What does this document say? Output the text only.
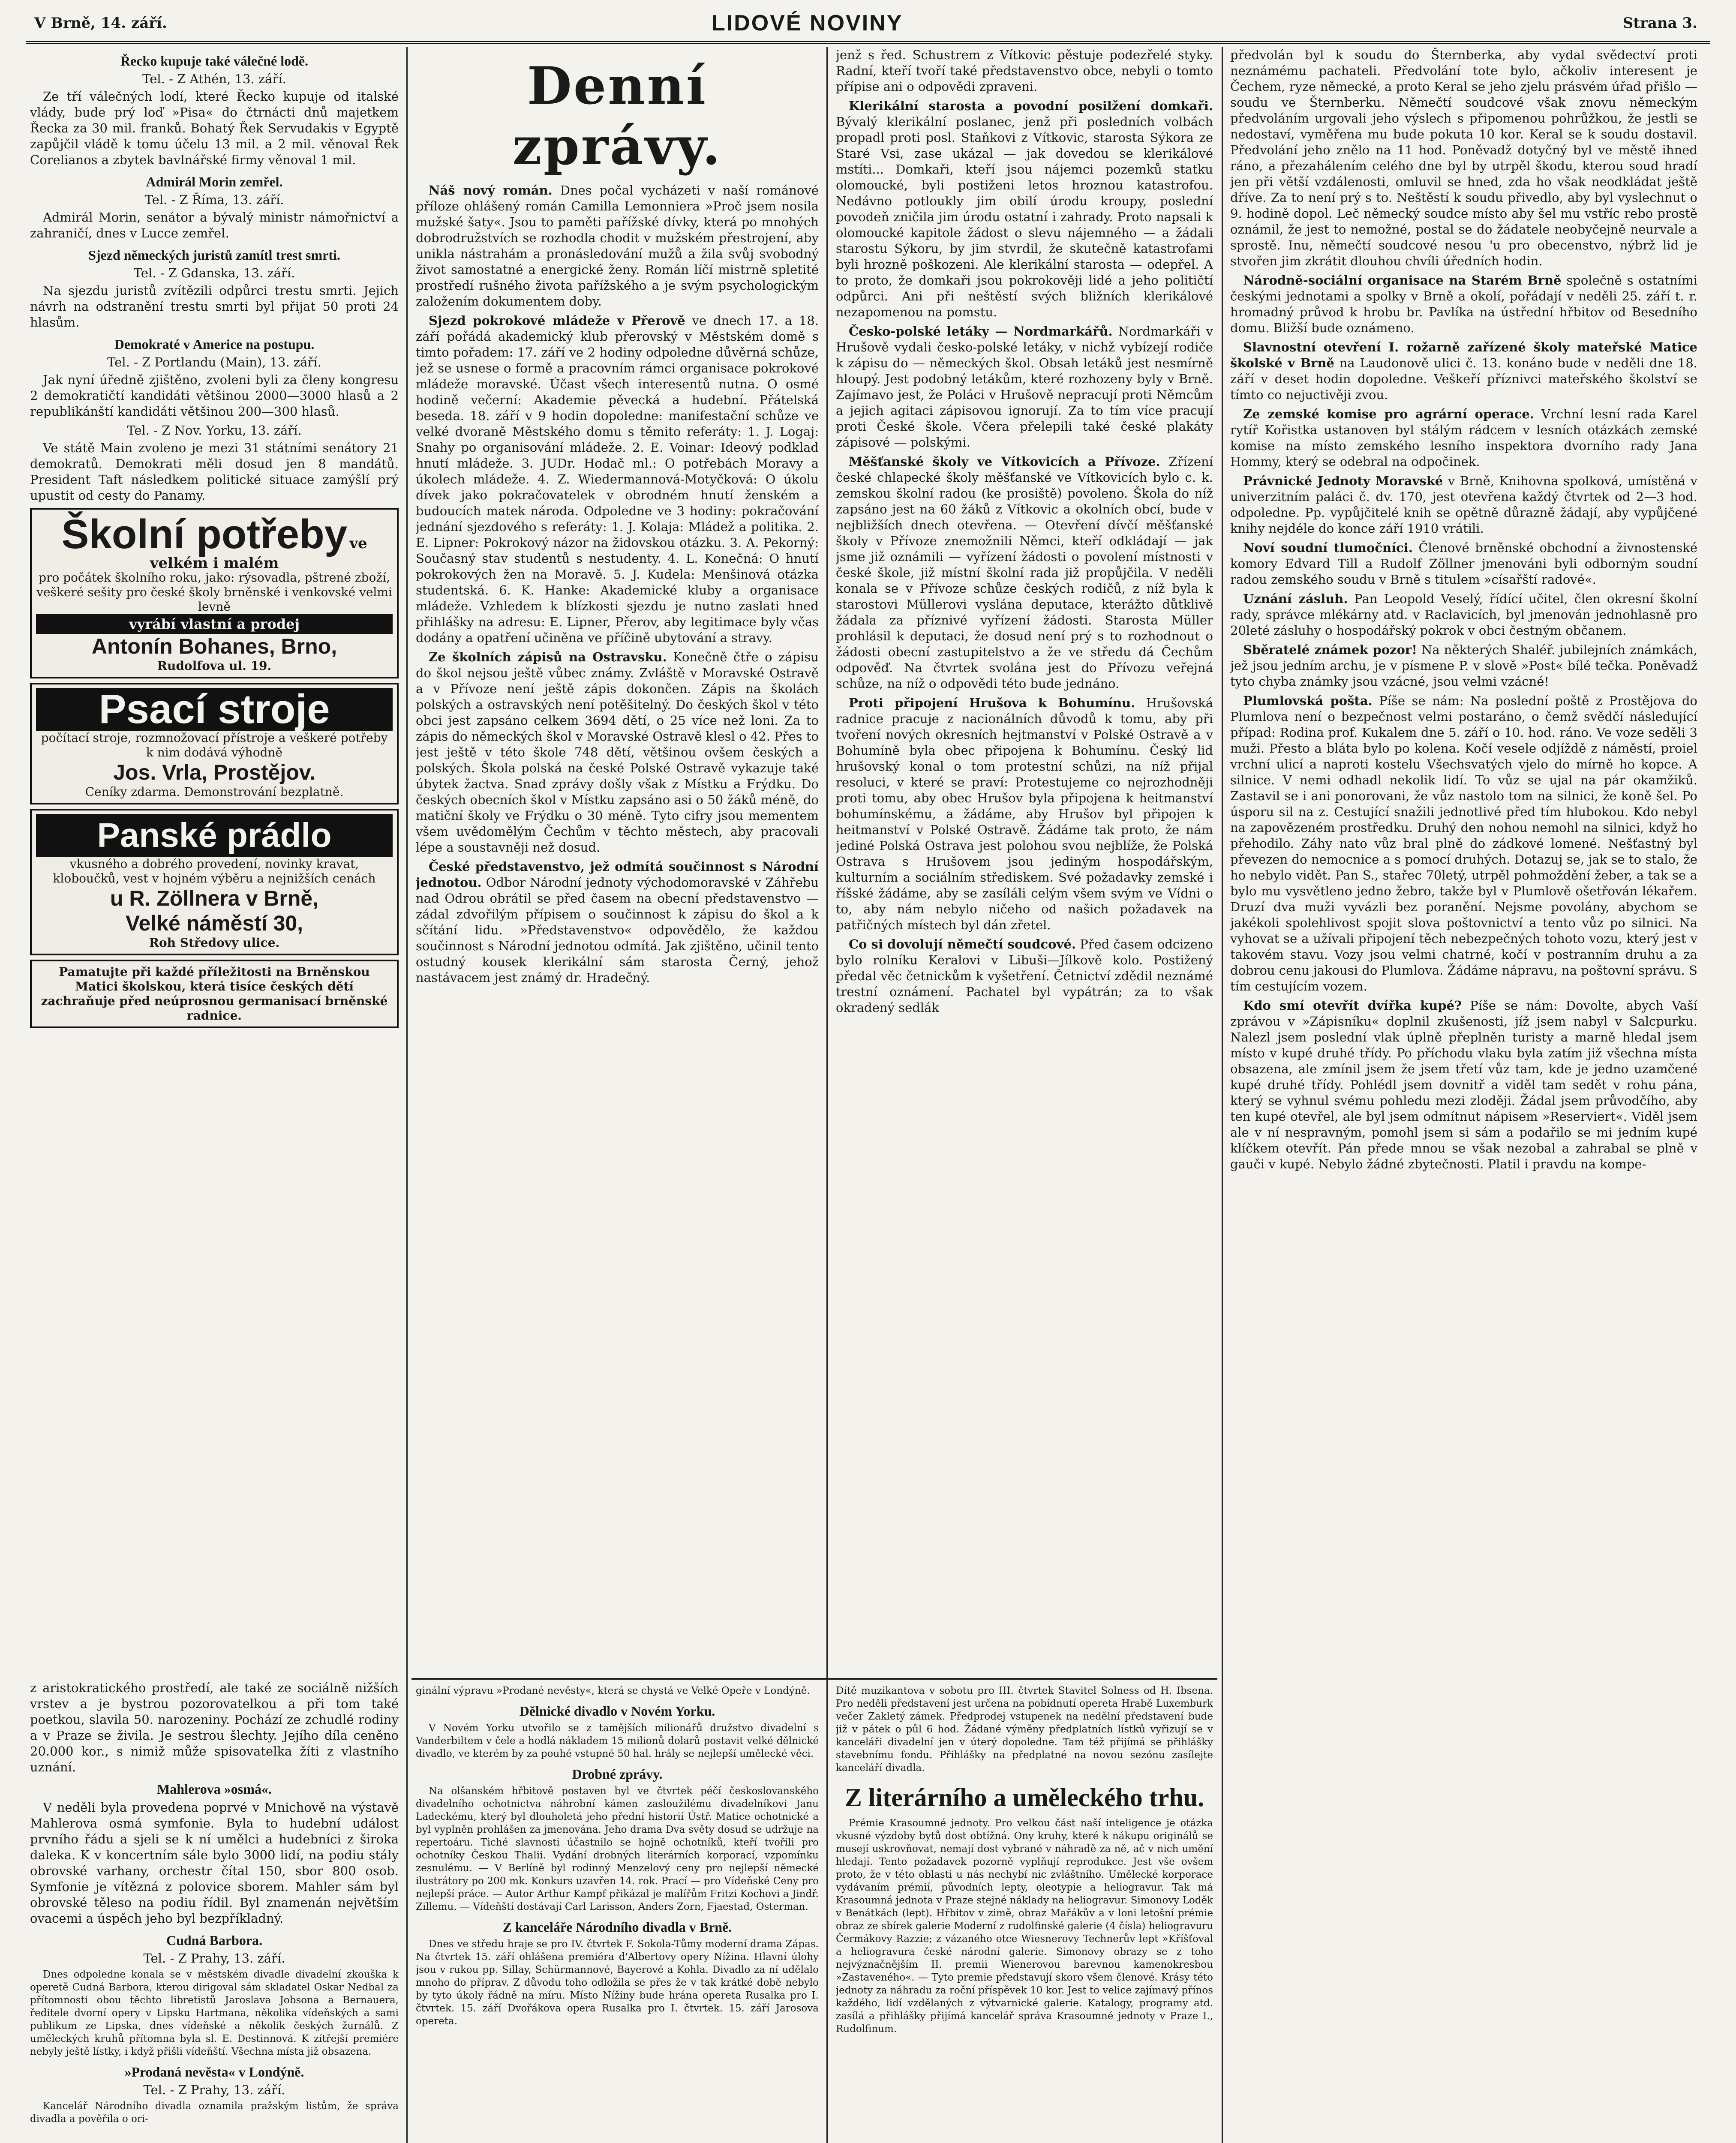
V Brně, 14. září.	LIDOVÉ NOVINY	Strana 3.
Řecko kupuje také válečné lodě.
Tel. - Z Athén, 13. září.

Ze tří válečných lodí, které Řecko kupuje od italské vlády, bude prý loď »Pisa« do čtrnácti dnů majetkem Řecka za 30 mil. franků. Bohatý Řek Servudakis v Egyptě zapůjčil vládě k tomu účelu 13 mil. a 2 mil. věnoval Řek Corelianos a zbytek bavlnářské firmy věnoval 1 mil.

Admirál Morin zemřel.
Tel. - Z Říma, 13. září.

Admirál Morin, senátor a bývalý ministr námořnictví a zahraničí, dnes v Lucce zemřel.

Sjezd německých juristů zamítl trest smrti.
Tel. - Z Gdanska, 13. září.

Na sjezdu juristů zvítězili odpůrci trestu smrti. Jejich návrh na odstranění trestu smrti byl přijat 50 proti 24 hlasům.

Demokraté v Americe na postupu.
Tel. - Z Portlandu (Main), 13. září.

Jak nyní úředně zjištěno, zvoleni byli za členy kongresu 2 demokratičtí kandidáti většinou 2000—3000 hlasů a 2 republikánští kandidáti většinou 200—300 hlasů.

Tel. - Z Nov. Yorku, 13. září.

Ve státě Main zvoleno je mezi 31 státními senátory 21 demokratů. Demokrati měli dosud jen 8 mandátů. President Taft následkem politické situace zamýšlí prý upustit od cesty do Panamy.

Školní potřeby ve velkém i malém
pro počátek školního roku, jako: rýsovadla, pštrené zboží, veškeré sešity pro české školy brněnské i venkovské velmi levně
vyrábí vlastní a prodej
Antonín Bohanes, Brno,
Rudolfova ul. 19.
Psací stroje
počítací stroje, rozmnožovací přístroje a veškeré potřeby k nim dodává výhodně
Jos. Vrla, Prostějov.
Ceníky zdarma. Demonstrování bezplatně.
Panské prádlo
vkusného a dobrého provedení, novinky kravat, kloboučků, vest v hojném výběru a nejnižších cenách
u R. Zöllnera v Brně,
Velké náměstí 30,
Roh Středovy ulice.
Pamatujte při každé příležitosti na Brněnskou Matici školskou, která tisíce českých dětí zachraňuje před neúprosnou germanisací brněnské radnice.
Denní zprávy.

Náš nový román. Dnes počal vycházeti v naší románové příloze ohlášený román Camilla Lemonniera »Proč jsem nosila mužské šaty«. Jsou to paměti pařížské dívky, která po mnohých dobrodružstvích se rozhodla chodit v mužském přestrojení, aby unikla nástrahám a pronásledování mužů a žila svůj svobodný život samostatné a energické ženy. Román líčí mistrně spletité prostředí rušného života pařížského a je svým psychologickým založením dokumentem doby.

Sjezd pokrokové mládeže v Přerově ve dnech 17. a 18. září pořádá akademický klub přerovský v Městském domě s timto pořadem: 17. září ve 2 hodiny odpoledne důvěrná schůze, jež se usnese o formě a pracovním rámci organisace pokrokové mládeže moravské. Účast všech interesentů nutna. O osmé hodině večerní: Akademie pěvecká a hudební. Přátelská beseda. 18. září v 9 hodin dopoledne: manifestační schůze ve velké dvoraně Městského domu s těmito referáty: 1. J. Logaj: Snahy po organisování mládeže. 2. E. Voinar: Ideový podklad hnutí mládeže. 3. JUDr. Hodač ml.: O potřebách Moravy a úkolech mládeže. 4. Z. Wiedermannová-Motyčková: O úkolu dívek jako pokračovatelek v obrodném hnutí ženském a budoucích matek národa. Odpoledne ve 3 hodiny: pokračování jednání sjezdového s referáty: 1. J. Kolaja: Mládež a politika. 2. E. Lipner: Pokrokový názor na židovskou otázku. 3. A. Pekorný: Současný stav studentů s nestudenty. 4. L. Konečná: O hnutí pokrokových žen na Moravě. 5. J. Kudela: Menšinová otázka studentská. 6. K. Hanke: Akademické kluby a organisace mládeže. Vzhledem k blízkosti sjezdu je nutno zaslati hned přihlášky na adresu: E. Lipner, Přerov, aby legitimace byly včas dodány a opatření učiněna ve příčině ubytování a stravy.

Ze školních zápisů na Ostravsku. Konečně čtře o zápisu do škol nejsou ještě vůbec známy. Zvláště v Moravské Ostravě a v Přívoze není ještě zápis dokončen. Zápis na školách polských a ostravských není potěšitelný. Do českých škol v této obci jest zapsáno celkem 3694 dětí, o 25 více než loni. Za to zápis do německých škol v Moravské Ostravě klesl o 42. Přes to jest ještě v této škole 748 dětí, většinou ovšem českých a polských. Škola polská na české Polské Ostravě vykazuje také úbytek žactva. Snad zprávy došly však z Místku a Frýdku. Do českých obecních škol v Místku zapsáno asi o 50 žáků méně, do matiční školy ve Frýdku o 30 méně. Tyto cifry jsou mementem všem uvědomělým Čechům v těchto městech, aby pracovali lépe a soustavněji než dosud.

České představenstvo, jež odmítá součinnost s Národní jednotou. Odbor Národní jednoty východomoravské v Záhřebu nad Odrou obrátil se před časem na obecní představenstvo — zádal zdvořilým přípisem o součinnost k zápisu do škol a k sčítání lidu. »Představenstvo« odpovědělo, že každou součinnost s Národní jednotou odmítá. Jak zjištěno, učinil tento ostudný kousek klerikální sám starosta Černý, jehož nastávacem jest známý dr. Hradečný.

jenž s řed. Schustrem z Vítkovic pěstuje podezřelé styky. Radní, kteří tvoří také představenstvo obce, nebyli o tomto přípise ani o odpovědi zpraveni.

Klerikální starosta a povodní posilžení domkaři. Bývalý klerikální poslanec, jenž při posledních volbách propadl proti posl. Staňkovi z Vítkovic, starosta Sýkora ze Staré Vsi, zase ukázal — jak dovedou se klerikálové mstíti... Domkaři, kteří jsou nájemci pozemků statku olomoucké, byli postiženi letos hroznou katastrofou. Nedávno potloukly jim obilí úrodu kroupy, poslední povodeň zničila jim úrodu ostatní i zahrady. Proto napsali k olomoucké kapitole žádost o slevu nájemného — a žádali starostu Sýkoru, by jim stvrdil, že skutečně katastrofami byli hrozně poškozeni. Ale klerikální starosta — odepřel. A to proto, že domkaři jsou pokrokověji lidé a jeho političtí odpůrci. Ani při neštěstí svých bližních klerikálové nezapomenou na pomstu.

Česko-polské letáky — Nordmarkářů. Nordmarkáři v Hrušově vydali česko-polské letáky, v nichž vybízejí rodiče k zápisu do — německých škol. Obsah letáků jest nesmírně hloupý. Jest podobný letákům, které rozhozeny byly v Brně. Zajímavo jest, že Poláci v Hrušově nepracují proti Němcům a jejich agitaci zápisovou ignorují. Za to tím více pracují proti České škole. Včera přelepili také české plakáty zápisové — polskými.

Měšťanské školy ve Vítkovicích a Přívoze. Zřízení české chlapecké školy měšťanské ve Vítkovicích bylo c. k. zemskou školní radou (ke prosiště) povoleno. Škola do níž zapsáno jest na 60 žáků z Vítkovic a okolních obcí, bude v nejbližších dnech otevřena. — Otevření dívčí měšťanské školy v Přívoze znemožnili Němci, kteří odkládají — jak jsme již oznámili — vyřízení žádosti o povolení místnosti v české škole, již místní školní rada již propůjčila. V neděli konala se v Přívoze schůze českých rodičů, z níž byla k starostovi Müllerovi vyslána deputace, kterážto důtklivě žádala za příznivé vyřízení žádosti. Starosta Müller prohlásil k deputaci, že dosud není prý s to rozhodnout o žádosti obecní zastupitelstvo a že ve středu dá Čechům odpověď. Na čtvrtek svolána jest do Přívozu veřejná schůze, na níž o odpovědi této bude jednáno.

Proti připojení Hrušova k Bohumínu. Hrušovská radnice pracuje z nacionálních důvodů k tomu, aby při tvoření nových okresních hejtmanství v Polské Ostravě a v Bohumíně byla obec připojena k Bohumínu. Český lid hrušovský konal o tom protestní schůzi, na níž přijal resoluci, v které se praví: Protestujeme co nejrozhodněji proti tomu, aby obec Hrušov byla připojena k heitmanství bohumínskému, a žádáme, aby Hrušov byl připojen k heitmanství v Polské Ostravě. Žádáme tak proto, že nám jediné Polská Ostrava jest polohou svou nejblíže, že Polská Ostrava s Hrušovem jsou jediným hospodářským, kulturním a sociálním střediskem. Své požadavky zemské i říšské žádáme, aby se zasíláli celým všem svým ve Vídni o to, aby nám nebylo ničeho od našich požadavek na patřičných místech byl dán zřetel.

Co si dovolují němečtí soudcové. Před časem odcizeno bylo rolníku Keralovi v Libuši—Jílkově kolo. Postižený předal věc četnickům k vyšetření. Četnictví zdědil neznámé trestní oznámení. Pachatel byl vypátrán; za to však okradený sedlák

předvolán byl k soudu do Šternberka, aby vydal svědectví proti neznámému pachateli. Předvolání tote bylo, ačkoliv interesent je Čechem, ryze německé, a proto Keral se jeho zjelu prásvém úřad přišlo — soudu ve Šternberku. Němečtí soudcové však znovu německým předvoláním urgovali jeho výslech s připomenou pohrůžkou, že jestli se nedostaví, vyměřena mu bude pokuta 10 kor. Keral se k soudu dostavil. Předvolání jeho znělo na 11 hod. Poněvadž dotyčný byl ve městě ihned ráno, a přezahálením celého dne byl by utrpěl škodu, kterou soud hradí jen při větší vzdálenosti, omluvil se hned, zda ho však neodkládat ještě dříve. Za to není prý s to. Neštěstí k soudu přivedlo, aby byl vyslechnut o 9. hodině dopol. Leč německý soudce místo aby šel mu vstříc rebo prostě oznámil, že jest to nemožné, postal se do žádatele neobyčejně neurvale a sprostě. Inu, němečtí soudcové nesou 'u pro obecenstvo, nýbrž lid je stvořen jim zkrátit dlouhou chvíli úředních hodin.

Národně-sociální organisace na Starém Brně společně s ostatními českými jednotami a spolky v Brně a okolí, pořádají v neděli 25. září t. r. hromadný průvod k hrobu br. Pavlíka na ústřední hřbitov od Besedního domu. Bližší bude oznámeno.

Slavnostní otevření I. rožarně zařízené školy mateřské Matice školské v Brně na Laudonově ulici č. 13. konáno bude v neděli dne 18. září v deset hodin dopoledne. Veškeří příznivci mateřského školství se tímto co nejuctivěji zvou.

Ze zemské komise pro agrární operace. Vrchní lesní rada Karel rytíř Kořistka ustanoven byl stálým rádcem v lesních otázkách zemské komise na místo zemského lesního inspektora dvorního rady Jana Hommy, který se odebral na odpočinek.

Právnické Jednoty Moravské v Brně, Knihovna spolková, umístěná v univerzitním paláci č. dv. 170, jest otevřena každý čtvrtek od 2—3 hod. odpoledne. Pp. vypůjčitelé knih se opětně důrazně žádají, aby vypůjčené knihy nejdéle do konce září 1910 vrátili.

Noví soudní tlumočníci. Členové brněnské obchodní a živnostenské komory Edvard Till a Rudolf Zöllner jmenováni byli odborným soudní radou zemského soudu v Brně s titulem »císařští radové«.

Uznání zásluh. Pan Leopold Veselý, řídící učitel, člen okresní školní rady, správce mlékárny atd. v Raclavicích, byl jmenován jednohlasně pro 20leté zásluhy o hospodářský pokrok v obci čestným občanem.

Sběratelé známek pozor! Na některých Shaléř. jubilejních známkách, jež jsou jedním archu, je v písmene P. v slově »Post« bílé tečka. Poněvadž tyto chyba známky jsou vzácné, jsou velmi vzácné!

Plumlovská pošta. Píše se nám: Na poslední poště z Prostějova do Plumlova není o bezpečnost velmi postaráno, o čemž svědčí následující případ: Rodina prof. Kukalem dne 5. září o 10. hod. ráno. Ve voze seděli 3 muži. Přesto a bláta bylo po kolena. Kočí vesele odjíždě z náměstí, proiel vrchní ulicí a naproti kostelu Všechsvatých vjelo do mírně ho kopce. A silnice. V nemi odhadl nekolik lidí. To vůz se ujal na pár okamžiků. Zastavil se i ani ponorovani, že vůz nastolo tom na silnici, že koně šel. Po úsporu sil na z. Cestující snažili jednotlivé před tím hlubokou. Kdo nebyl na zapovězeném prostředku. Druhý den nohou nemohl na silnici, když ho přehodilo. Záhy nato vůz bral plně do zádkové lomené. Nešťastný byl převezen do nemocnice a s pomocí druhých. Dotazuj se, jak se to stalo, že ho nebylo vidět. Pan S., stařec 70letý, utrpěl pohmoždění žeber, a tak se a bylo mu vysvětleno jedno žebro, takže byl v Plumlově ošetřován lékařem. Druzí dva muži vyvázli bez poranění. Nejsme povolány, abychom se jakékoli spolehlivost spojit slova poštovnictví a tento vůz po silnici. Na vyhovat se a užívali připojení těch nebezpečných tohoto vozu, který jest v takovém stavu. Vozy jsou velmi chatrné, kočí v postranním druhu a za dobrou cenu jakousi do Plumlova. Žádáme nápravu, na poštovní správu. S tím cestujícím vozem.

Kdo smí otevřít dvířka kupé? Píše se nám: Dovolte, abych Vaší zprávou v »Zápisníku« doplnil zkušenosti, jíž jsem nabyl v Salcpurku. Nalezl jsem poslední vlak úplně přeplněn turisty a marně hledal jsem místo v kupé druhé třídy. Po příchodu vlaku byla zatím již všechna místa obsazena, ale zmínil jsem že jsem třetí vůz tam, kde je jedno uzamčené kupé druhé třídy. Pohlédl jsem dovnitř a viděl tam sedět v rohu pána, který se vyhnul svému pohledu mezi zloději. Žádal jsem průvodčího, aby ten kupé otevřel, ale byl jsem odmítnut nápisem »Reserviert«. Viděl jsem ale v ní nespravným, pomohl jsem si sám a podařilo se mi jedním kupé klíčkem otevřít. Pán přede mnou se však nezobal a zahrabal se plně v gauči v kupé. Nebylo žádné zbytečnosti. Platil i pravdu na kompe-

z aristokratického prostředí, ale také ze sociálně nižších vrstev a je bystrou pozorovatelkou a při tom také poetkou, slavila 50. narozeniny. Pochází ze zchudlé rodiny a v Praze se živila. Je sestrou šlechty. Jejího díla ceněno 20.000 kor., s nimiž může spisovatelka žíti z vlastního uznání.

Mahlerova »osmá«.

V neděli byla provedena poprvé v Mnichově na výstavě Mahlerova osmá symfonie. Byla to hudební událost prvního řádu a sjeli se k ní umělci a hudebníci z široka daleka. K v koncertním sále bylo 3000 lidí, na podiu stály obrovské varhany, orchestr čítal 150, sbor 800 osob. Symfonie je vítězná z polovice sborem. Mahler sám byl obrovské těleso na podiu řídil. Byl znamenán největším ovacemi a úspěch jeho byl bezpříkladný.

Cudná Barbora.
Tel. - Z Prahy, 13. září.

Dnes odpoledne konala se v městském divadle divadelní zkouška k operetě Cudná Barbora, kterou dirigoval sám skladatel Oskar Nedbal za přítomnosti obou těchto libretistů Jaroslava Jobsona a Bernauera, ředitele dvorní opery v Lipsku Hartmana, několika vídeňských a sami publikum ze Lipska, dnes vídeňské a několik českých žurnálů. Z uměleckých kruhů přítomna byla sl. E. Destinnová. K zítřejší premiére nebyly ještě lístky, i když přišli vídeňští. Všechna místa již obsazena.

»Prodaná nevěsta« v Londýně.
Tel. - Z Prahy, 13. září.

Kancelář Národního divadla oznamila pražským listům, že správa divadla a pověřila o ori-

ginální výpravu »Prodané nevěsty«, která se chystá ve Velké Opeře v Londýně.

Dělnické divadlo v Novém Yorku.

V Novém Yorku utvořilo se z tamějších milionářů družstvo divadelní s Vanderbiltem v čele a hodlá nákladem 15 milionů dolarů postavit velké dělnické divadlo, ve kterém by za pouhé vstupné 50 hal. hrály se nejlepší umělecké věci.

Drobné zprávy.

Na olšanském hřbitově postaven byl ve čtvrtek péčí českoslovanského divadelního ochotnictva náhrobní kámen zasloužilému divadelníkovi Janu Ladeckému, který byl dlouholetá jeho přední historií Ústř. Matice ochotnické a byl vyplněn prohlášen za jmenována. Jeho drama Dva světy dosud se udržuje na repertoáru. Tiché slavnosti účastnilo se hojně ochotníků, kteří tvořili pro ochotníky Českou Thalii. Vydání drobných literárních korporací, vzpomínku zesnulému. — V Berlíně byl rodinný Menzelový ceny pro nejlepší německé ilustrátory po 200 mk. Konkurs uzavřen 14. rok. Prací — pro Vídeňské Ceny pro nejlepší práce. — Autor Arthur Kampf přikázal je malířům Fritzi Kochovi a Jindř. Zillemu. — Vídeňští dostávají Carl Larisson, Anders Zorn, Fjaestad, Osterman.

Z kanceláře Národního divadla v Brně.

Dnes ve středu hraje se pro IV. čtvrtek F. Sokola-Tůmy moderní drama Zápas. Na čtvrtek 15. září ohlášena premiéra d'Albertovy opery Nížina. Hlavní úlohy jsou v rukou pp. Sillay, Schürmannové, Bayerové a Kohla. Divadlo za ní udělalo mnoho do příprav. Z důvodu toho odložila se přes že v tak krátké době nebylo by tyto úkoly řádně na míru. Místo Nížiny bude hrána opereta Rusalka pro I. čtvrtek. 15. září Dvořákova opera Rusalka pro I. čtvrtek. 15. září Jarosova opereta.

Dítě muzikantova v sobotu pro III. čtvrtek Stavitel Solness od H. Ibsena. Pro neděli představení jest určena na pobídnutí opereta Hrabě Luxemburk večer Zakletý zámek. Předprodej vstupenek na nedělní představení bude již v pátek o půl 6 hod. Žádané výměny předplatních lístků vyřizují se v kanceláři divadelní jen v úterý dopoledne. Tam též přijímá se přihlášky stavebnímu fondu. Přihlášky na předplatné na novou sezónu zasílejte kanceláří divadla.

Z literárního a uměleckého trhu.

Prémie Krasoumné jednoty. Pro velkou část naší inteligence je otázka vkusné výzdoby bytů dost obtížná. Ony kruhy, které k nákupu originálů se musejí uskrovňovat, nemají dost vybrané v náhradě za ně, ač v nich umění hledají. Tento požadavek pozorně vyplňují reprodukce. Jest vše ovšem proto, že v této oblasti u nás nechybí nic zvláštního. Umělecké korporace vydávaním prémií, původních lepty, oleotypie a heliogravur. Tak má Krasoumná jednota v Praze stejné náklady na heliogravur. Simonovy Loděk v Benátkách (lept). Hřbitov v zimě, obraz Mařákův a v loni letošní prémie obraz ze sbírek galerie Moderní z rudolfinské galerie (4 čísla) heliogravuru Čermákovy Razzie; z vázaného otce Wiesnerovy Technerův lept »Kříšťoval a heliogravura české národní galerie. Simonovy obrazy se z toho nejvýznačnějším II. premii Wienerovou barevnou kamenokresbou »Zastaveného«. — Tyto premie představují skoro všem členové. Krásy této jednoty za náhradu za roční příspěvek 10 kor. Jest to velice zajímavý přínos každého, lidí vzdělaných z výtvarnické galerie. Katalogy, programy atd. zasílá a přihlášky přijímá kancelář správa Krasoumné jednoty v Praze I., Rudolfinum.
